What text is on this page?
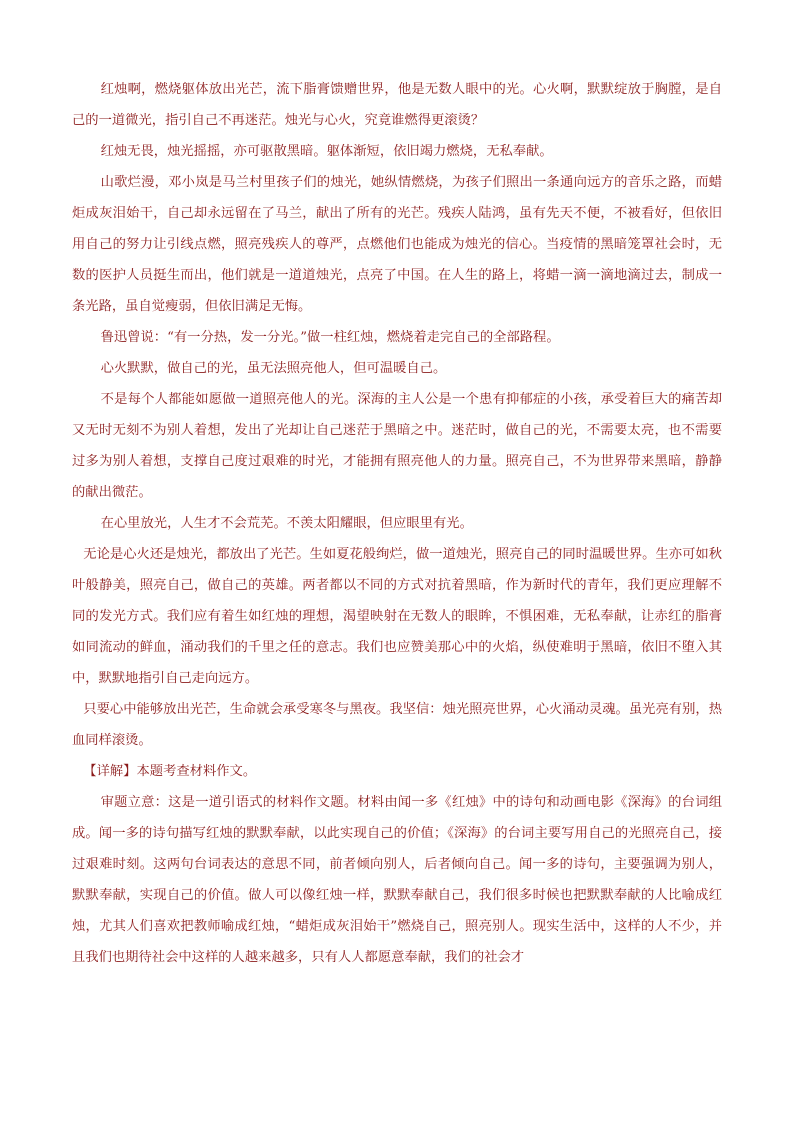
红烛啊，燃烧躯体放出光芒，流下脂膏馈赠世界，他是无数人眼中的光。心火啊，默默绽放于胸膛，是自己的一道微光，指引自己不再迷茫。烛光与心火，究竟谁燃得更滚烫？

红烛无畏，烛光摇摇，亦可驱散黑暗。躯体渐短，依旧竭力燃烧，无私奉献。

山歌烂漫，邓小岚是马兰村里孩子们的烛光，她纵情燃烧，为孩子们照出一条通向远方的音乐之路，而蜡炬成灰泪始干，自己却永远留在了马兰，献出了所有的光芒。残疾人陆鸿，虽有先天不便，不被看好，但依旧用自己的努力让引线点燃，照亮残疾人的尊严，点燃他们也能成为烛光的信心。当疫情的黑暗笼罩社会时，无数的医护人员挺生而出，他们就是一道道烛光，点亮了中国。在人生的路上，将蜡一滴一滴地滴过去，制成一条光路，虽自觉瘦弱，但依旧满足无悔。

鲁迅曾说：“有一分热，发一分光。”做一柱红烛，燃烧着走完自己的全部路程。

心火默默，做自己的光，虽无法照亮他人，但可温暖自己。

不是每个人都能如愿做一道照亮他人的光。深海的主人公是一个患有抑郁症的小孩，承受着巨大的痛苦却又无时无刻不为别人着想，发出了光却让自己迷茫于黑暗之中。迷茫时，做自己的光，不需要太亮，也不需要过多为别人着想，支撑自己度过艰难的时光，才能拥有照亮他人的力量。照亮自己，不为世界带来黑暗，静静的献出微茫。

在心里放光，人生才不会荒芜。不羡太阳耀眼，但应眼里有光。

无论是心火还是烛光，都放出了光芒。生如夏花般绚烂，做一道烛光，照亮自己的同时温暖世界。生亦可如秋叶般静美，照亮自己，做自己的英雄。两者都以不同的方式对抗着黑暗，作为新时代的青年，我们更应理解不同的发光方式。我们应有着生如红烛的理想，渴望映射在无数人的眼眸，不惧困难，无私奉献，让赤红的脂膏如同流动的鲜血，涌动我们的千里之任的意志。我们也应赞美那心中的火焰，纵使难明于黑暗，依旧不堕入其中，默默地指引自己走向远方。

只要心中能够放出光芒，生命就会承受寒冬与黑夜。我坚信：烛光照亮世界，心火涌动灵魂。虽光亮有别，热血同样滚烫。

【详解】本题考查材料作文。

审题立意：这是一道引语式的材料作文题。材料由闻一多《红烛》中的诗句和动画电影《深海》的台词组成。闻一多的诗句描写红烛的默默奉献，以此实现自己的价值；《深海》的台词主要写用自己的光照亮自己，接过艰难时刻。这两句台词表达的意思不同，前者倾向别人，后者倾向自己。闻一多的诗句，主要强调为别人，默默奉献，实现自己的价值。做人可以像红烛一样，默默奉献自己，我们很多时候也把默默奉献的人比喻成红烛，尤其人们喜欢把教师喻成红烛，“蜡炬成灰泪始干”燃烧自己，照亮别人。现实生活中，这样的人不少，并且我们也期待社会中这样的人越来越多，只有人人都愿意奉献，我们的社会才
